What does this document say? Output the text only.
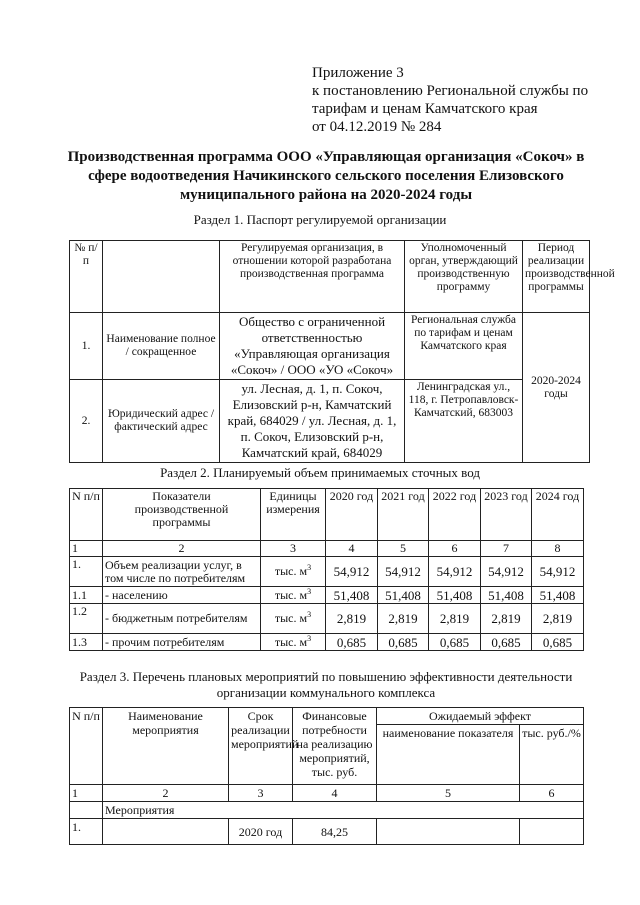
Приложение 3
к постановлению Региональной службы по
тарифам и ценам Камчатского края
от 04.12.2019 № 284
Производственная программа ООО «Управляющая организация «Сокоч» в сфере водоотведения Начикинского сельского поселения Елизовского муниципального района на 2020-2024 годы
Раздел 1. Паспорт регулируемой организации
№ п/п		Регулируемая организация, в отношении которой разработана производственная программа	Уполномоченный орган, утверждающий производственную программу	Период реализации производственной программы
1.	Наименование полное / сокращенное	Общество с ограниченной ответственностью «Управляющая организация «Сокоч» / ООО «УО «Сокоч»	Региональная служба по тарифам и ценам Камчатского края	2020-2024 годы
2.	Юридический адрес / фактический адрес	ул. Лесная, д. 1, п. Сокоч, Елизовский р-н, Камчатский край, 684029 / ул. Лесная, д. 1, п. Сокоч, Елизовский р-н, Камчатский край, 684029	Ленинградская ул., 118, г. Петропавловск-Камчатский, 683003	
Раздел 2. Планируемый объем принимаемых сточных вод
N п/п	Показатели производственной программы	Единицы измерения	2020 год	2021 год	2022 год	2023 год	2024 год
1	2	3	4	5	6	7	8
1.	Объем реализации услуг, в том числе по потребителям	тыс. $м^3$	54,912	54,912	54,912	54,912	54,912
1.1	- населению	тыс. $м^3$	51,408	51,408	51,408	51,408	51,408
1.2	- бюджетным потребителям	тыс. $м^3$	2,819	2,819	2,819	2,819	2,819
1.3	- прочим потребителям	тыс. $м^3$	0,685	0,685	0,685	0,685	0,685
Раздел 3. Перечень плановых мероприятий по повышению эффективности деятельности
организации коммунального комплекса
N п/п	Наименование мероприятия	Срок реализации мероприятий	Финансовые потребности на реализацию мероприятий, тыс. руб.	Ожидаемый эффект	
				наименование показателя	тыс. руб./%
1	2	3	4	5	6
	Мероприятия				
1.		2020 год	84,25		
